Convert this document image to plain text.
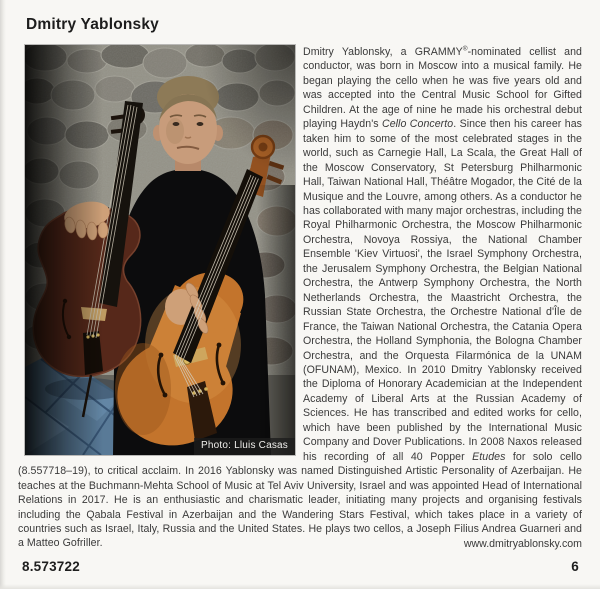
Dmitry Yablonsky
Photo: Lluis Casas

Dmitry Yablonsky, a GRAMMY®-nominated cellist and conductor, was born in Moscow into a musical family. He began playing the cello when he was five years old and was accepted into the Central Music School for Gifted Children. At the age of nine he made his orchestral debut playing Haydn's Cello Concerto. Since then his career has taken him to some of the most celebrated stages in the world, such as Carnegie Hall, La Scala, the Great Hall of the Moscow Conservatory, St Petersburg Philharmonic Hall, Taiwan National Hall, Théâtre Mogador, the Cité de la Musique and the Louvre, among others. As a conductor he has collaborated with many major orchestras, including the Royal Philharmonic Orchestra, the Moscow Philharmonic Orchestra, Novoya Rossiya, the National Chamber Ensemble 'Kiev Virtuosi', the Israel Symphony Orchestra, the Jerusalem Symphony Orchestra, the Belgian National Orchestra, the Antwerp Symphony Orchestra, the North Netherlands Orchestra, the Maastricht Orchestra, the Russian State Orchestra, the Orchestre National d'Île de France, the Taiwan National Orchestra, the Catania Opera Orchestra, the Holland Symphonia, the Bologna Chamber Orchestra, and the Orquesta Filarmónica de la UNAM (OFUNAM), Mexico. In 2010 Dmitry Yablonsky received the Diploma of Honorary Academician at the Independent Academy of Liberal Arts at the Russian Academy of Sciences. He has transcribed and edited works for cello, which have been published by the International Music Company and Dover Publications. In 2008 Naxos released his recording of all 40 Popper Etudes for solo cello (8.557718–19), to critical acclaim. In 2016 Yablonsky was named Distinguished Artistic Personality of Azerbaijan. He teaches at the Buchmann-Mehta School of Music at Tel Aviv University, Israel and was appointed Head of International Relations in 2017. He is an enthusiastic and charismatic leader, initiating many projects and organising festivals including the Qabala Festival in Azerbaijan and the Wandering Stars Festival, which takes place in a variety of countries such as Israel, Italy, Russia and the United States. He plays two cellos, a Joseph Filius Andrea Guarneri and a Matteo Gofriller.	www.dmitryablonsky.com
8.573722	6
